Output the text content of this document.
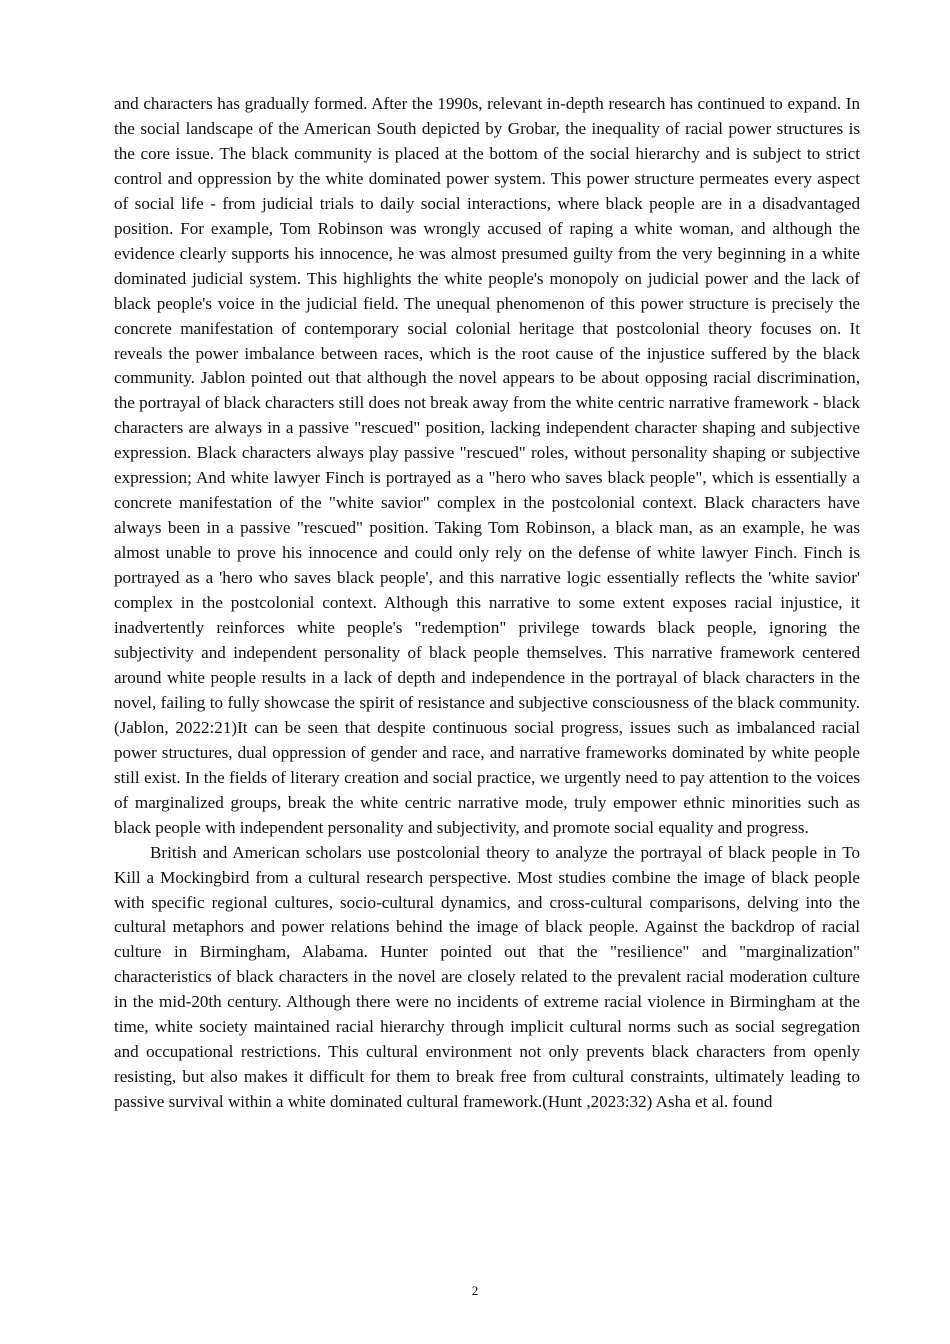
and characters has gradually formed. After the 1990s, relevant in-depth research has continued to expand. In the social landscape of the American South depicted by Grobar, the inequality of racial power structures is the core issue. The black community is placed at the bottom of the social hierarchy and is subject to strict control and oppression by the white dominated power system. This power structure permeates every aspect of social life - from judicial trials to daily social interactions, where black people are in a disadvantaged position. For example, Tom Robinson was wrongly accused of raping a white woman, and although the evidence clearly supports his innocence, he was almost presumed guilty from the very beginning in a white dominated judicial system. This highlights the white people's monopoly on judicial power and the lack of black people's voice in the judicial field. The unequal phenomenon of this power structure is precisely the concrete manifestation of contemporary social colonial heritage that postcolonial theory focuses on. It reveals the power imbalance between races, which is the root cause of the injustice suffered by the black community. Jablon pointed out that although the novel appears to be about opposing racial discrimination, the portrayal of black characters still does not break away from the white centric narrative framework - black characters are always in a passive "rescued" position, lacking independent character shaping and subjective expression. Black characters always play passive "rescued" roles, without personality shaping or subjective expression; And white lawyer Finch is portrayed as a "hero who saves black people", which is essentially a concrete manifestation of the "white savior" complex in the postcolonial context. Black characters have always been in a passive "rescued" position. Taking Tom Robinson, a black man, as an example, he was almost unable to prove his innocence and could only rely on the defense of white lawyer Finch. Finch is portrayed as a 'hero who saves black people', and this narrative logic essentially reflects the 'white savior' complex in the postcolonial context. Although this narrative to some extent exposes racial injustice, it inadvertently reinforces white people's "redemption" privilege towards black people, ignoring the subjectivity and independent personality of black people themselves. This narrative framework centered around white people results in a lack of depth and independence in the portrayal of black characters in the novel, failing to fully showcase the spirit of resistance and subjective consciousness of the black community. (Jablon, 2022:21)It can be seen that despite continuous social progress, issues such as imbalanced racial power structures, dual oppression of gender and race, and narrative frameworks dominated by white people still exist. In the fields of literary creation and social practice, we urgently need to pay attention to the voices of marginalized groups, break the white centric narrative mode, truly empower ethnic minorities such as black people with independent personality and subjectivity, and promote social equality and progress.

British and American scholars use postcolonial theory to analyze the portrayal of black people in To Kill a Mockingbird from a cultural research perspective. Most studies combine the image of black people with specific regional cultures, socio-cultural dynamics, and cross-cultural comparisons, delving into the cultural metaphors and power relations behind the image of black people. Against the backdrop of racial culture in Birmingham, Alabama. Hunter pointed out that the "resilience" and "marginalization" characteristics of black characters in the novel are closely related to the prevalent racial moderation culture in the mid-20th century. Although there were no incidents of extreme racial violence in Birmingham at the time, white society maintained racial hierarchy through implicit cultural norms such as social segregation and occupational restrictions. This cultural environment not only prevents black characters from openly resisting, but also makes it difficult for them to break free from cultural constraints, ultimately leading to passive survival within a white dominated cultural framework.(Hunt ,2023:32) Asha et al. found

2
